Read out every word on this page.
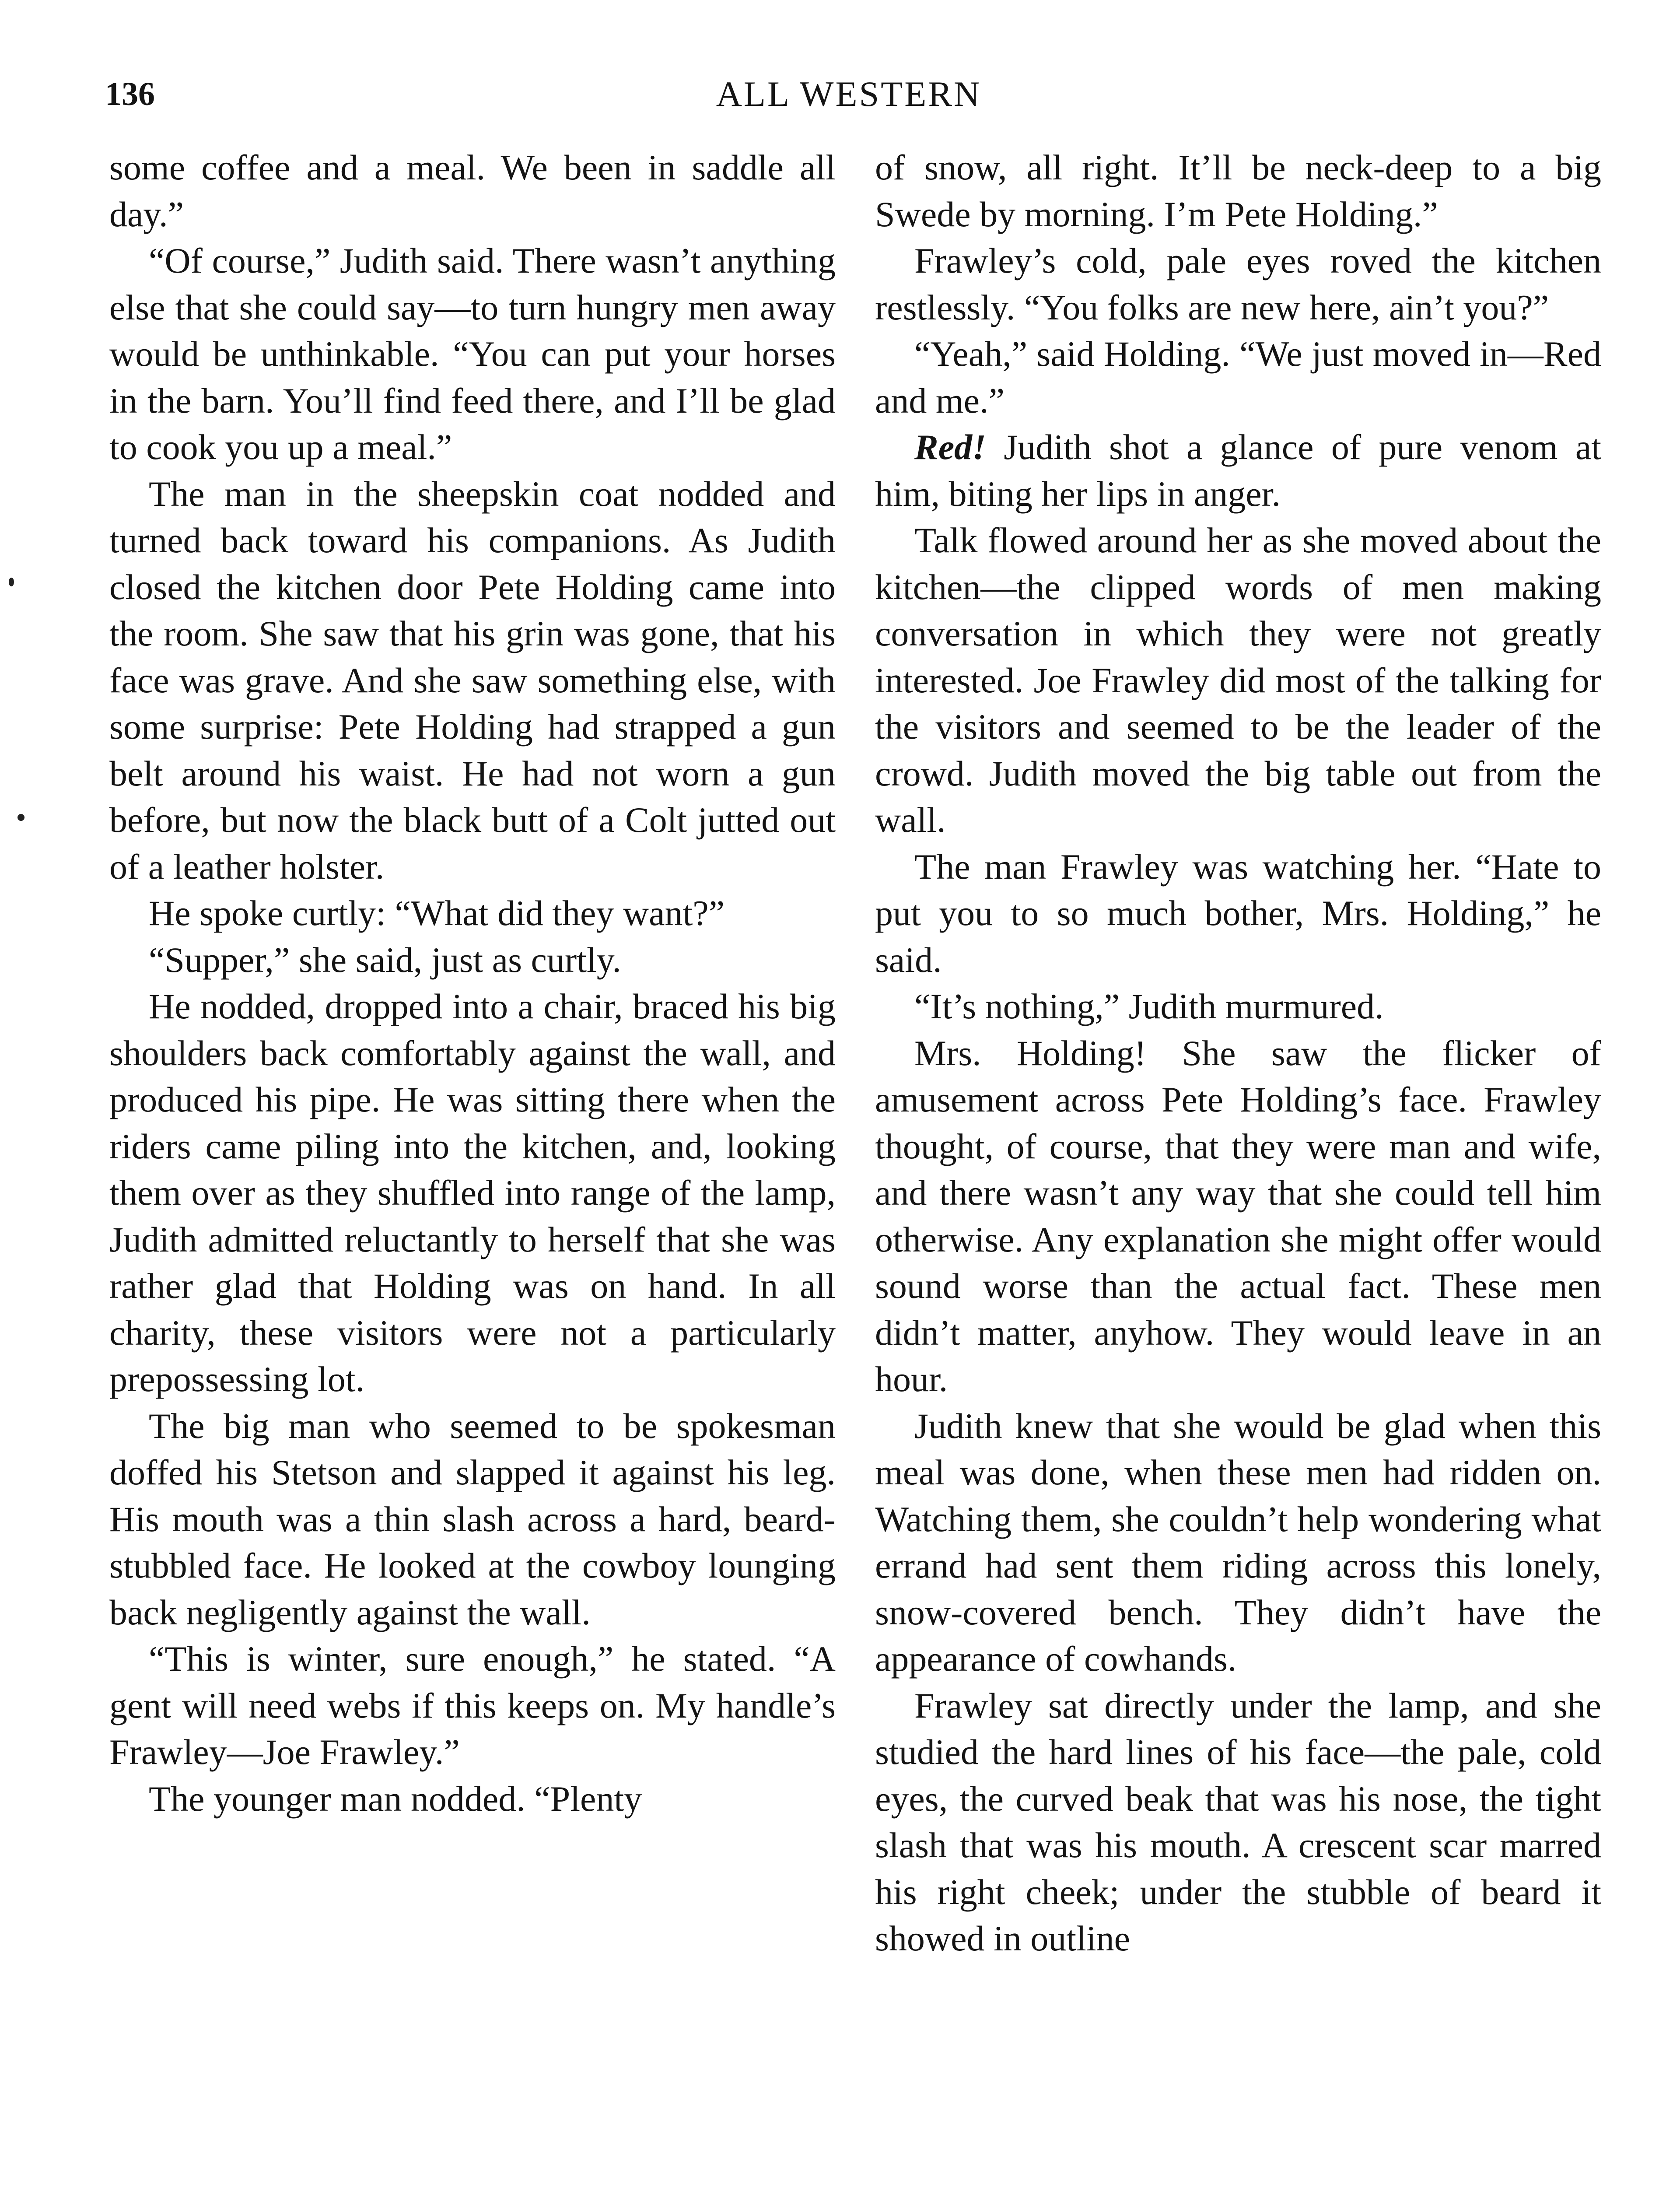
136	ALL WESTERN

some coffee and a meal. We been in saddle all day.”

“Of course,” Judith said. There wasn’t anything else that she could say—to turn hungry men away would be unthinkable. “You can put your horses in the barn. You’ll find feed there, and I’ll be glad to cook you up a meal.”

The man in the sheepskin coat nodded and turned back toward his companions. As Judith closed the kitchen door Pete Holding came into the room. She saw that his grin was gone, that his face was grave. And she saw something else, with some surprise: Pete Holding had strapped a gun belt around his waist. He had not worn a gun before, but now the black butt of a Colt jutted out of a leather holster.

He spoke curtly: “What did they want?”

“Supper,” she said, just as curtly.

He nodded, dropped into a chair, braced his big shoulders back comfortably against the wall, and produced his pipe. He was sitting there when the riders came piling into the kitchen, and, looking them over as they shuffled into range of the lamp, Judith admitted reluctantly to herself that she was rather glad that Holding was on hand. In all charity, these visitors were not a particularly prepossessing lot.

The big man who seemed to be spokesman doffed his Stetson and slapped it against his leg. His mouth was a thin slash across a hard, beard-stubbled face. He looked at the cowboy lounging back negligently against the wall.

“This is winter, sure enough,” he stated. “A gent will need webs if this keeps on. My handle’s Frawley—Joe Frawley.”

The younger man nodded. “Plenty

of snow, all right. It’ll be neck-deep to a big Swede by morning. I’m Pete Holding.”

Frawley’s cold, pale eyes roved the kitchen restlessly. “You folks are new here, ain’t you?”

“Yeah,” said Holding. “We just moved in—Red and me.”

Red! Judith shot a glance of pure venom at him, biting her lips in anger.

Talk flowed around her as she moved about the kitchen—the clipped words of men making conversation in which they were not greatly interested. Joe Frawley did most of the talking for the visitors and seemed to be the leader of the crowd. Judith moved the big table out from the wall.

The man Frawley was watching her. “Hate to put you to so much bother, Mrs. Holding,” he said.

“It’s nothing,” Judith murmured.

Mrs. Holding! She saw the flicker of amusement across Pete Holding’s face. Frawley thought, of course, that they were man and wife, and there wasn’t any way that she could tell him otherwise. Any explanation she might offer would sound worse than the actual fact. These men didn’t matter, anyhow. They would leave in an hour.

Judith knew that she would be glad when this meal was done, when these men had ridden on. Watching them, she couldn’t help wondering what errand had sent them riding across this lonely, snow-covered bench. They didn’t have the appearance of cowhands.

Frawley sat directly under the lamp, and she studied the hard lines of his face—the pale, cold eyes, the curved beak that was his nose, the tight slash that was his mouth. A crescent scar marred his right cheek; under the stubble of beard it showed in outline
